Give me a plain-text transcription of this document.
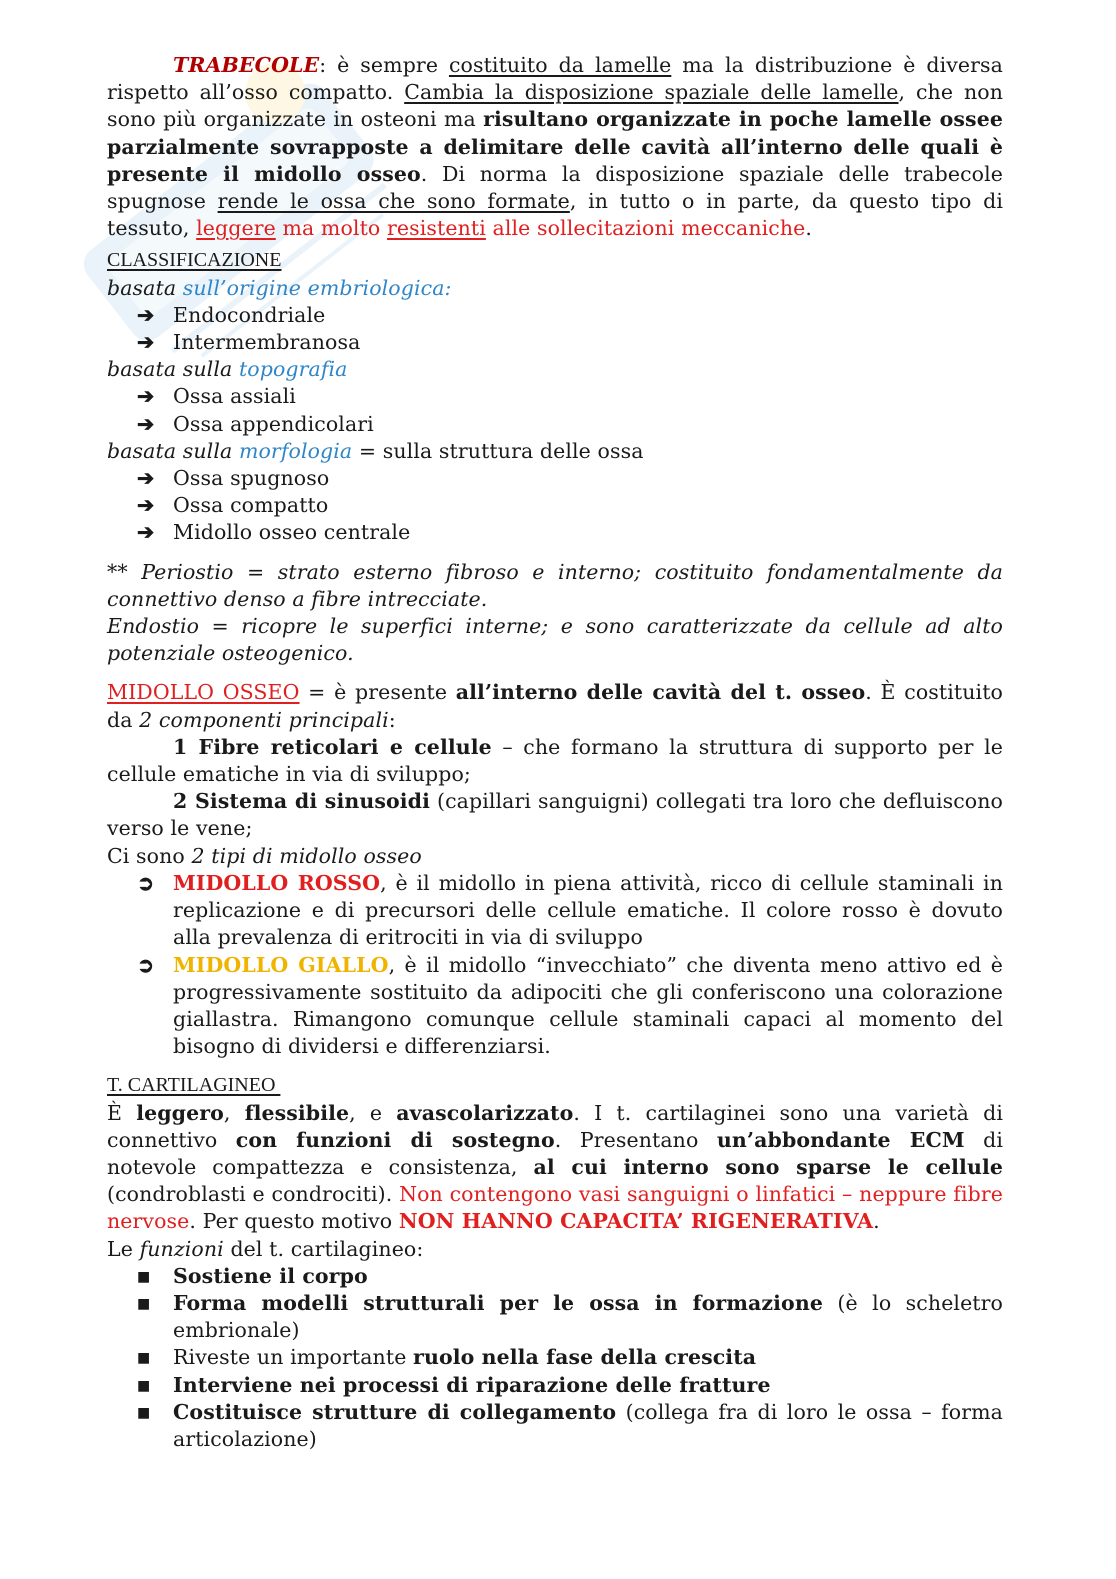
TRABECOLE: è sempre costituito da lamelle ma la distribuzione è diversa rispetto all’osso compatto. Cambia la disposizione spaziale delle lamelle, che non sono più organizzate in osteoni ma risultano organizzate in poche lamelle ossee parzialmente sovrapposte a delimitare delle cavità all’interno delle quali è presente il midollo osseo. Di norma la disposizione spaziale delle trabecole spugnose rende le ossa che sono formate, in tutto o in parte, da questo tipo di tessuto, leggere ma molto resistenti alle sollecitazioni meccaniche.

CLASSIFICAZIONE

basata sull’origine embriologica:

➔ Endocondriale
➔ Intermembranosa

basata sulla topografia

➔ Ossa assiali
➔ Ossa appendicolari

basata sulla morfologia = sulla struttura delle ossa

➔ Ossa spugnoso
➔ Ossa compatto
➔ Midollo osseo centrale

** Periostio = strato esterno fibroso e interno; costituito fondamentalmente da connettivo denso a fibre intrecciate.

Endostio = ricopre le superfici interne; e sono caratterizzate da cellule ad alto potenziale osteogenico.

MIDOLLO OSSEO = è presente all’interno delle cavità del t. osseo. È costituito da 2 componenti principali:

1 Fibre reticolari e cellule – che formano la struttura di supporto per le cellule ematiche in via di sviluppo;

2 Sistema di sinusoidi (capillari sanguigni) collegati tra loro che defluiscono verso le vene;

Ci sono 2 tipi di midollo osseo

➲ MIDOLLO ROSSO, è il midollo in piena attività, ricco di cellule staminali in replicazione e di precursori delle cellule ematiche. Il colore rosso è dovuto alla prevalenza di eritrociti in via di sviluppo
➲ MIDOLLO GIALLO, è il midollo “invecchiato” che diventa meno attivo ed è progressivamente sostituito da adipociti che gli conferiscono una colorazione giallastra. Rimangono comunque cellule staminali capaci al momento del bisogno di dividersi e differenziarsi.

T. CARTILAGINEO

È leggero, flessibile, e avascolarizzato. I t. cartilaginei sono una varietà di connettivo con funzioni di sostegno. Presentano un’abbondante ECM di notevole compattezza e consistenza, al cui interno sono sparse le cellule (condroblasti e condrociti). Non contengono vasi sanguigni o linfatici – neppure fibre nervose. Per questo motivo NON HANNO CAPACITA’ RIGENERATIVA.

Le funzioni del t. cartilagineo:

■ Sostiene il corpo
■ Forma modelli strutturali per le ossa in formazione (è lo scheletro embrionale)
■ Riveste un importante ruolo nella fase della crescita
■ Interviene nei processi di riparazione delle fratture
■ Costituisce strutture di collegamento (collega fra di loro le ossa – forma articolazione)
